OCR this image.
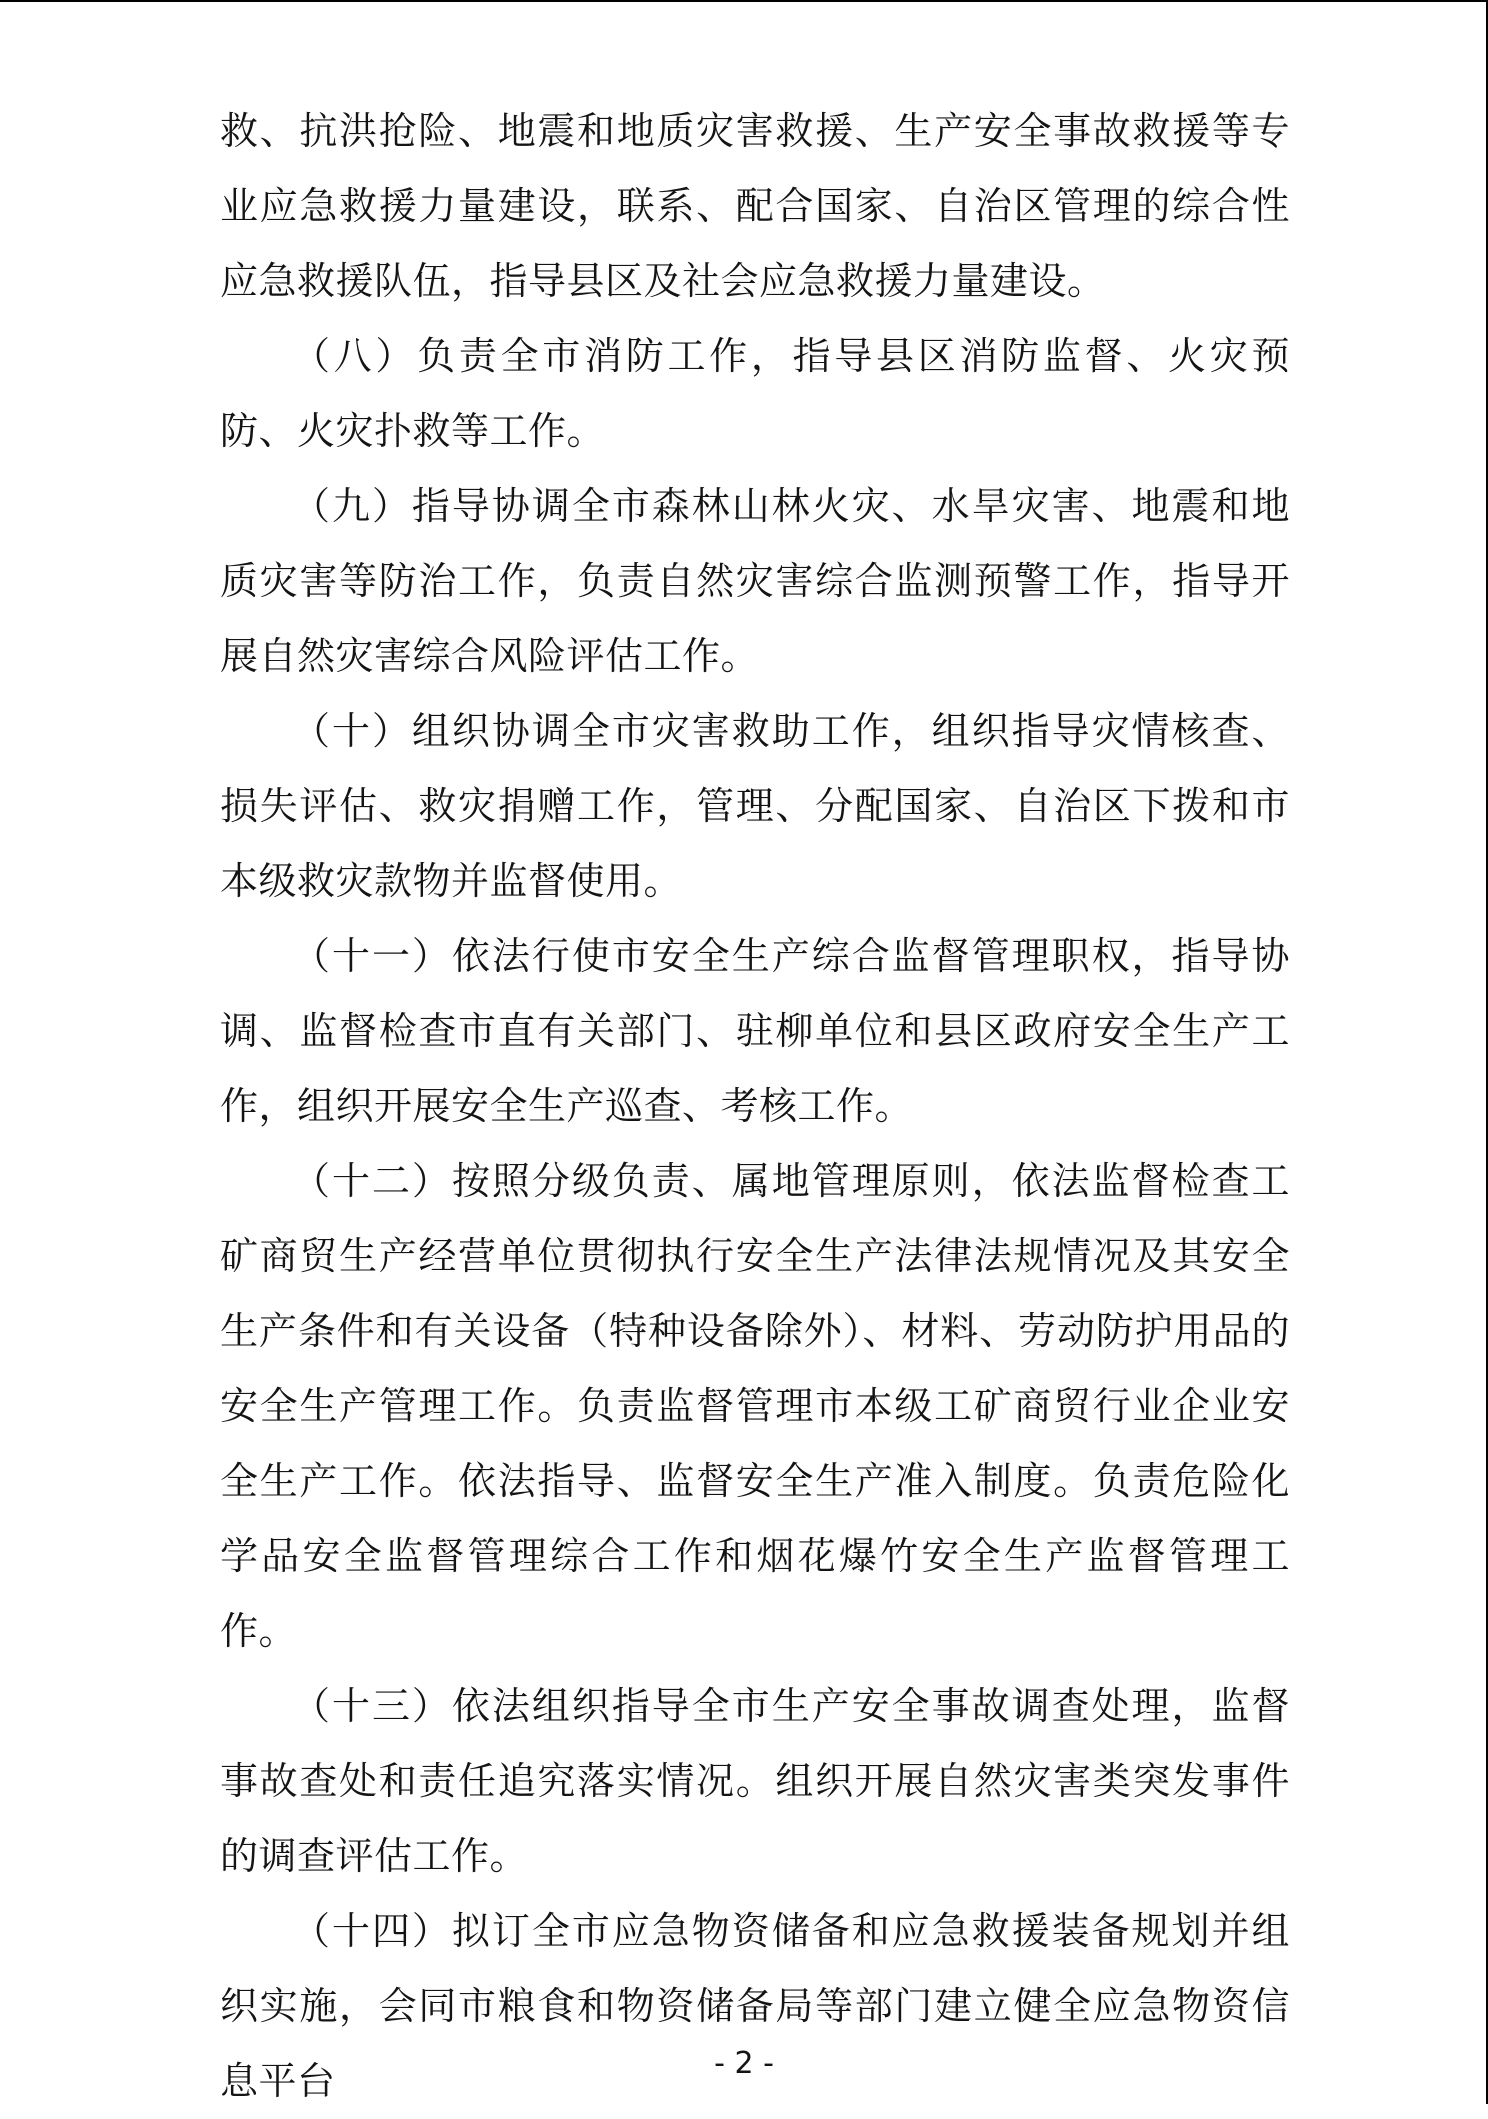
救、抗洪抢险、地震和地质灾害救援、生产安全事故救援等专业应急救援力量建设，联系、配合国家、自治区管理的综合性应急救援队伍，指导县区及社会应急救援力量建设。

（八）负责全市消防工作，指导县区消防监督、火灾预防、火灾扑救等工作。

（九）指导协调全市森林山林火灾、水旱灾害、地震和地质灾害等防治工作，负责自然灾害综合监测预警工作，指导开展自然灾害综合风险评估工作。

（十）组织协调全市灾害救助工作，组织指导灾情核查、损失评估、救灾捐赠工作，管理、分配国家、自治区下拨和市本级救灾款物并监督使用。

（十一）依法行使市安全生产综合监督管理职权，指导协调、监督检查市直有关部门、驻柳单位和县区政府安全生产工作，组织开展安全生产巡查、考核工作。

（十二）按照分级负责、属地管理原则，依法监督检查工矿商贸生产经营单位贯彻执行安全生产法律法规情况及其安全生产条件和有关设备（特种设备除外）、材料、劳动防护用品的安全生产管理工作。负责监督管理市本级工矿商贸行业企业安全生产工作。依法指导、监督安全生产准入制度。负责危险化学品安全监督管理综合工作和烟花爆竹安全生产监督管理工作。

（十三）依法组织指导全市生产安全事故调查处理，监督事故查处和责任追究落实情况。组织开展自然灾害类突发事件的调查评估工作。

（十四）拟订全市应急物资储备和应急救援装备规划并组织实施，会同市粮食和物资储备局等部门建立健全应急物资信息平台	- 2 -
